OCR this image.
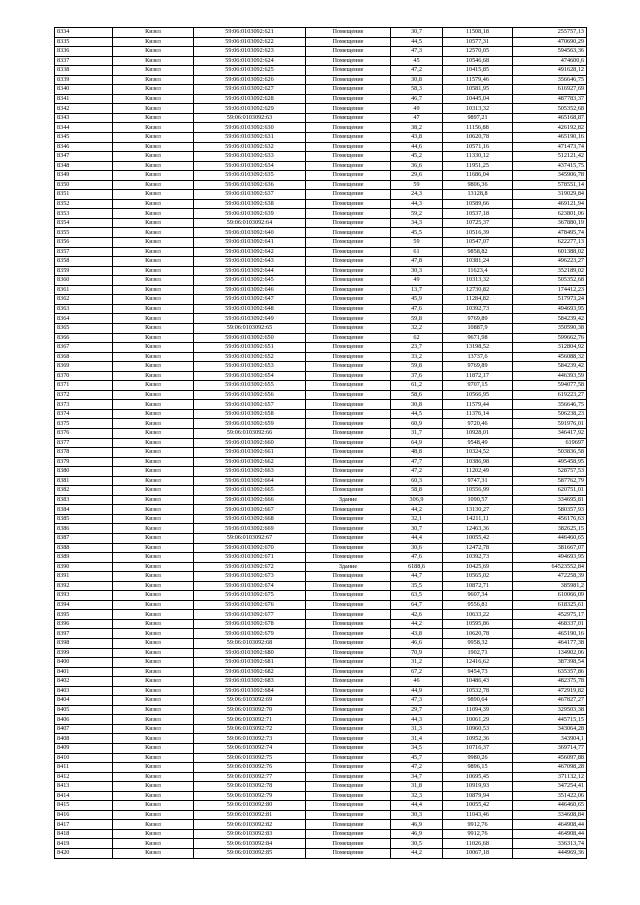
8334	Кизел	59:06:0103092:621	Помещение	30,7	11508,18	255757,13
8335	Кизел	59:06:0103092:622	Помещение	44,5	10577,31	470690,29
8336	Кизел	59:06:0103092:623	Помещение	47,3	12570,05	594563,36
8337	Кизел	59:06:0103092:624	Помещение	45	10546,68	474600,6
8338	Кизел	59:06:0103092:625	Помещение	47,2	10415,85	491628,12
8339	Кизел	59:06:0103092:626	Помещение	30,8	11579,46	356646,75
8340	Кизел	59:06:0103092:627	Помещение	58,3	10581,95	616927,69
8341	Кизел	59:06:0103092:628	Помещение	46,7	10445,04	487783,37
8342	Кизел	59:06:0103092:629	Помещение	49	10313,32	505352,68
8343	Кизел	59:06:0103092:63	Помещение	47	9897,21	465168,87
8344	Кизел	59:06:0103092:630	Помещение	38,2	11156,88	426192,82
8345	Кизел	59:06:0103092:631	Помещение	43,8	10620,78	465190,16
8346	Кизел	59:06:0103092:632	Помещение	44,6	10571,16	471473,74
8347	Кизел	59:06:0103092:633	Помещение	45,2	11330,12	512121,42
8348	Кизел	59:06:0103092:634	Помещение	36,6	11951,25	437415,75
8349	Кизел	59:06:0103092:635	Помещение	29,6	11686,04	345906,78
8350	Кизел	59:06:0103092:636	Помещение	59	9806,36	578551,14
8351	Кизел	59:06:0103092:637	Помещение	24,3	13128,8	319029,84
8352	Кизел	59:06:0103092:638	Помещение	44,3	10589,66	469121,94
8353	Кизел	59:06:0103092:639	Помещение	59,2	10537,18	623801,06
8354	Кизел	59:06:0103092:64	Помещение	34,3	10725,37	367880,19
8355	Кизел	59:06:0103092:640	Помещение	45,5	10516,39	478495,74
8356	Кизел	59:06:0103092:641	Помещение	59	10547,07	622277,13
8357	Кизел	59:06:0103092:642	Помещение	61	9858,82	601388,02
8358	Кизел	59:06:0103092:643	Помещение	47,8	10381,24	496223,27
8359	Кизел	59:06:0103092:644	Помещение	30,3	11623,4	352189,02
8360	Кизел	59:06:0103092:645	Помещение	49	10313,32	505352,68
8361	Кизел	59:06:0103092:646	Помещение	13,7	12730,82	174412,23
8362	Кизел	59:06:0103092:647	Помещение	45,9	11284,82	517973,24
8363	Кизел	59:06:0103092:648	Помещение	47,6	10392,73	494693,95
8364	Кизел	59:06:0103092:649	Помещение	59,8	9769,89	584239,42
8365	Кизел	59:06:0103092:65	Помещение	32,2	10887,9	350590,38
8366	Кизел	59:06:0103092:650	Помещение	62	9671,98	599662,76
8367	Кизел	59:06:0103092:651	Помещение	23,7	13198,52	312804,92
8368	Кизел	59:06:0103092:652	Помещение	33,2	13737,6	456088,32
8369	Кизел	59:06:0103092:653	Помещение	59,8	9769,89	584239,42
8370	Кизел	59:06:0103092:654	Помещение	37,6	11872,17	446393,59
8371	Кизел	59:06:0103092:655	Помещение	61,2	9707,15	594077,58
8372	Кизел	59:06:0103092:656	Помещение	58,6	10566,95	619223,27
8373	Кизел	59:06:0103092:657	Помещение	30,8	11579,44	356646,75
8374	Кизел	59:06:0103092:658	Помещение	44,5	11376,14	506238,23
8375	Кизел	59:06:0103092:659	Помещение	60,9	9720,46	591976,01
8376	Кизел	59:06:0103092:66	Помещение	31,7	10928,01	346417,92
8377	Кизел	59:06:0103092:660	Помещение	64,9	9548,49	619697
8378	Кизел	59:06:0103092:661	Помещение	48,8	10324,52	503836,58
8379	Кизел	59:06:0103092:662	Помещение	47,7	10386,98	495458,95
8380	Кизел	59:06:0103092:663	Помещение	47,2	11202,49	528757,53
8381	Кизел	59:06:0103092:664	Помещение	60,3	9747,31	587762,79
8382	Кизел	59:06:0103092:665	Помещение	58,8	10556,99	620751,01
8383	Кизел	59:06:0103092:666	Здание	306,9	1090,57	334695,81
8384	Кизел	59:06:0103092:667	Помещение	44,2	13130,27	580357,93
8385	Кизел	59:06:0103092:668	Помещение	32,1	14211,11	456176,63
8386	Кизел	59:06:0103092:669	Помещение	30,7	12463,36	382625,15
8387	Кизел	59:06:0103092:67	Помещение	44,4	10055,42	446460,65
8388	Кизел	59:06:0103092:670	Помещение	30,6	12472,78	381667,07
8389	Кизел	59:06:0103092:671	Помещение	47,6	10392,73	494693,95
8390	Кизел	59:06:0103092:672	Здание	6188,6	10425,69	64523552,84
8391	Кизел	59:06:0103092:673	Помещение	44,7	10565,02	472258,39
8392	Кизел	59:06:0103092:674	Помещение	35,5	10872,71	385981,2
8393	Кизел	59:06:0103092:675	Помещение	63,5	9607,34	610066,09
8394	Кизел	59:06:0103092:676	Помещение	64,7	9556,81	618325,61
8395	Кизел	59:06:0103092:677	Помещение	42,6	10633,22	452975,17
8396	Кизел	59:06:0103092:678	Помещение	44,2	10595,86	468337,01
8397	Кизел	59:06:0103092:679	Помещение	43,8	10620,78	465190,16
8398	Кизел	59:06:0103092:68	Помещение	46,6	9958,32	464177,38
8399	Кизел	59:06:0103092:680	Помещение	70,9	1902,71	134902,06
8400	Кизел	59:06:0103092:681	Помещение	31,2	12416,62	387398,54
8401	Кизел	59:06:0103092:682	Помещение	67,2	9454,73	635357,86
8402	Кизел	59:06:0103092:683	Помещение	46	10486,43	482375,78
8403	Кизел	59:06:0103092:684	Помещение	44,9	10532,78	472919,82
8404	Кизел	59:06:0103092:69	Помещение	47,3	9890,64	467827,27
8405	Кизел	59:06:0103092:70	Помещение	29,7	11094,39	329503,38
8406	Кизел	59:06:0103092:71	Помещение	44,3	10061,29	445715,15
8407	Кизел	59:06:0103092:72	Помещение	31,3	10960,53	343064,28
8408	Кизел	59:06:0103092:73	Помещение	31,4	10952,36	343904,1
8409	Кизел	59:06:0103092:74	Помещение	34,5	10716,37	369714,77
8410	Кизел	59:06:0103092:75	Помещение	45,7	9980,26	456097,88
8411	Кизел	59:06:0103092:76	Помещение	47,2	9896,15	467098,28
8412	Кизел	59:06:0103092:77	Помещение	34,7	10695,45	371132,12
8413	Кизел	59:06:0103092:78	Помещение	31,8	10919,93	347254,41
8414	Кизел	59:06:0103092:79	Помещение	32,3	10879,94	351422,06
8415	Кизел	59:06:0103092:80	Помещение	44,4	10055,42	446460,65
8416	Кизел	59:06:0103092:81	Помещение	30,3	11043,46	334608,84
8417	Кизел	59:06:0103092:82	Помещение	46,9	9912,76	464908,44
8418	Кизел	59:06:0103092:83	Помещение	46,9	9912,76	464908,44
8419	Кизел	59:06:0103092:84	Помещение	30,5	11026,68	336313,74
8420	Кизел	59:06:0103092:85	Помещение	44,2	10067,18	444969,36
